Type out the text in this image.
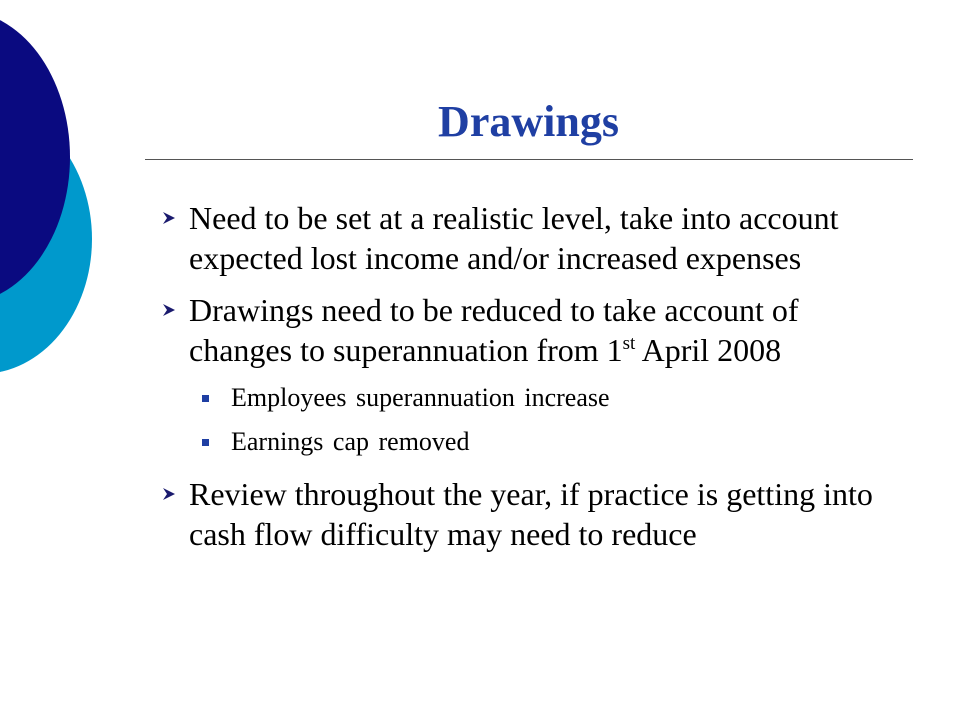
Drawings
Need to be set at a realistic level, take into account expected lost income and/or increased expenses
Drawings need to be reduced to take account of changes to superannuation from 1st April 2008
Employees superannuation increase
Earnings cap removed
Review throughout the year, if practice is getting into cash flow difficulty may need to reduce
